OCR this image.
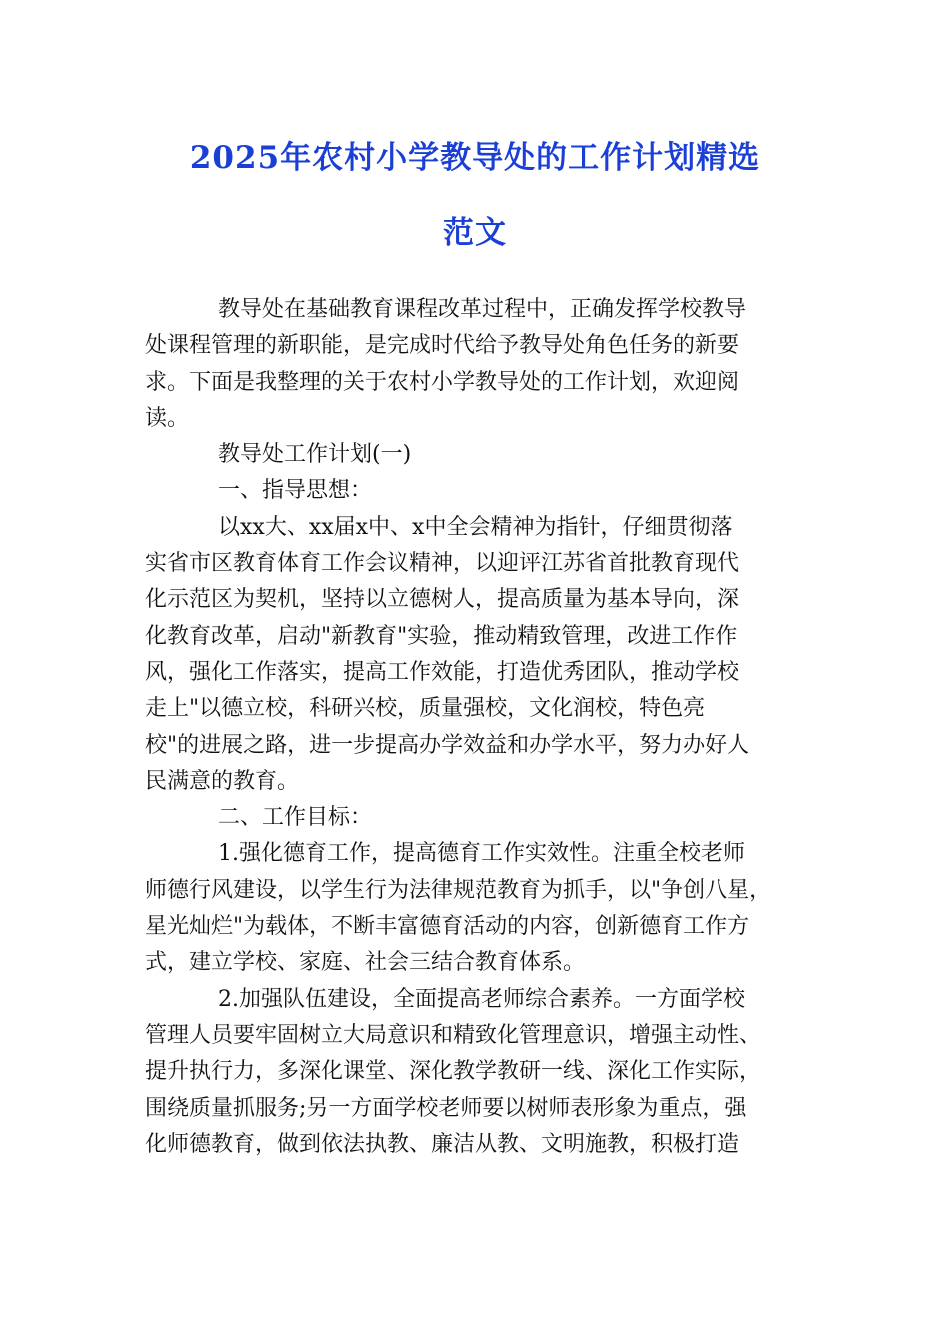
2025年农村小学教导处的工作计划精选
范文
教导处在基础教育课程改革过程中，正确发挥学校教导
处课程管理的新职能，是完成时代给予教导处角色任务的新要
求。下面是我整理的关于农村小学教导处的工作计划，欢迎阅
读。
教导处工作计划(一)
一、指导思想：
以xx大、xx届x中、x中全会精神为指针，仔细贯彻落
实省市区教育体育工作会议精神，以迎评江苏省首批教育现代
化示范区为契机，坚持以立德树人，提高质量为基本导向，深
化教育改革，启动"新教育"实验，推动精致管理，改进工作作
风，强化工作落实，提高工作效能，打造优秀团队，推动学校
走上"以德立校，科研兴校，质量强校，文化润校，特色亮
校"的进展之路，进一步提高办学效益和办学水平，努力办好人
民满意的教育。
二、工作目标：
1.强化德育工作，提高德育工作实效性。注重全校老师
师德行风建设，以学生行为法律规范教育为抓手，以"争创八星，
星光灿烂"为载体，不断丰富德育活动的内容，创新德育工作方
式，建立学校、家庭、社会三结合教育体系。
2.加强队伍建设，全面提高老师综合素养。一方面学校
管理人员要牢固树立大局意识和精致化管理意识，增强主动性、
提升执行力，多深化课堂、深化教学教研一线、深化工作实际，
围绕质量抓服务;另一方面学校老师要以树师表形象为重点，强
化师德教育，做到依法执教、廉洁从教、文明施教，积极打造
